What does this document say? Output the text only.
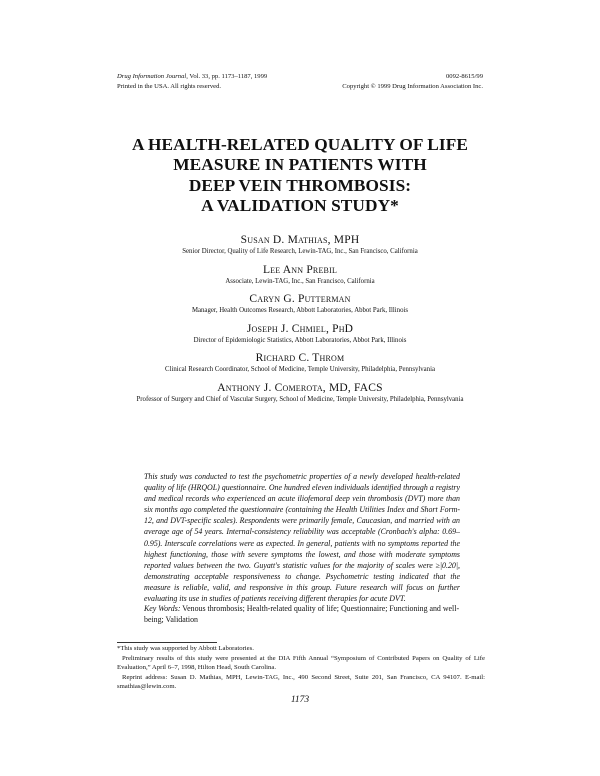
Drug Information Journal, Vol. 33, pp. 1173–1187, 1999
Printed in the USA. All rights reserved.
0092-8615/99
Copyright © 1999 Drug Information Association Inc.
A HEALTH-RELATED QUALITY OF LIFE
MEASURE IN PATIENTS WITH
DEEP VEIN THROMBOSIS:
A VALIDATION STUDY*
Susan D. Mathias, MPH
Senior Director, Quality of Life Research, Lewin-TAG, Inc., San Francisco, California
Lee Ann Prebil
Associate, Lewin-TAG, Inc., San Francisco, California
Caryn G. Putterman
Manager, Health Outcomes Research, Abbott Laboratories, Abbot Park, Illinois
Joseph J. Chmiel, PhD
Director of Epidemiologic Statistics, Abbott Laboratories, Abbot Park, Illinois
Richard C. Throm
Clinical Research Coordinator, School of Medicine, Temple University, Philadelphia, Pennsylvania
Anthony J. Comerota, MD, FACS
Professor of Surgery and Chief of Vascular Surgery, School of Medicine, Temple University, Philadelphia, Pennsylvania
This study was conducted to test the psychometric properties of a newly developed health-related quality of life (HRQOL) questionnaire. One hundred eleven individuals identified through a registry and medical records who experienced an acute iliofemoral deep vein thrombosis (DVT) more than six months ago completed the questionnaire (containing the Health Utilities Index and Short Form-12, and DVT-specific scales). Respondents were primarily female, Caucasian, and married with an average age of 54 years. Internal-consistency reliability was acceptable (Cronbach's alpha: 0.69–0.95). Interscale correlations were as expected. In general, patients with no symptoms reported the highest functioning, those with severe symptoms the lowest, and those with moderate symptoms reported values between the two. Guyatt's statistic values for the majority of scales were ≥|0.20|, demonstrating acceptable responsiveness to change. Psychometric testing indicated that the measure is reliable, valid, and responsive in this group. Future research will focus on further evaluating its use in studies of patients receiving different therapies for acute DVT.
Key Words: Venous thrombosis; Health-related quality of life; Questionnaire; Functioning and well-being; Validation

*This study was supported by Abbott Laboratories.

Preliminary results of this study were presented at the DIA Fifth Annual “Symposium of Contributed Papers on Quality of Life Evaluation,” April 6–7, 1998, Hilton Head, South Carolina.

Reprint address: Susan D. Mathias, MPH, Lewin-TAG, Inc., 490 Second Street, Suite 201, San Francisco, CA 94107. E-mail: smathias@lewin.com.

1173
